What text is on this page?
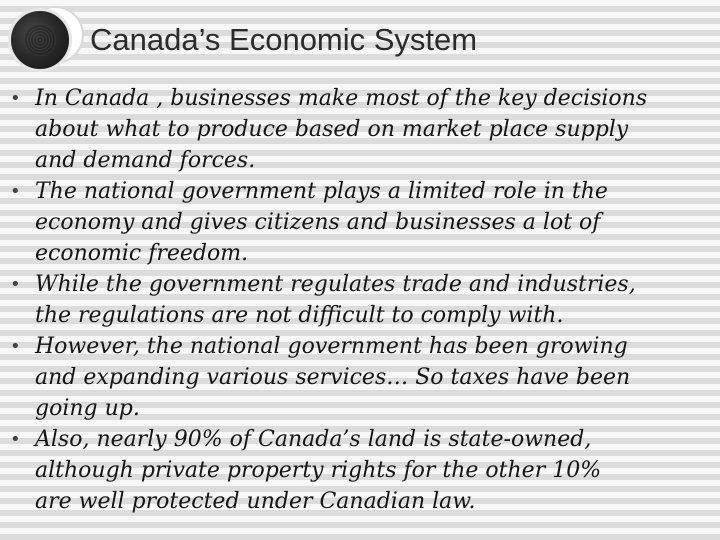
Canada’s Economic System
• In Canada , businesses make most of the key decisions
about what to produce based on market place supply
and demand forces.
• The national government plays a limited role in the
economy and gives citizens and businesses a lot of
economic freedom.
• While the government regulates trade and industries,
the regulations are not difficult to comply with.
• However, the national government has been growing
and expanding various services… So taxes have been
going up.
• Also, nearly 90% of Canada’s land is state-owned,
although private property rights for the other 10%
are well protected under Canadian law.
